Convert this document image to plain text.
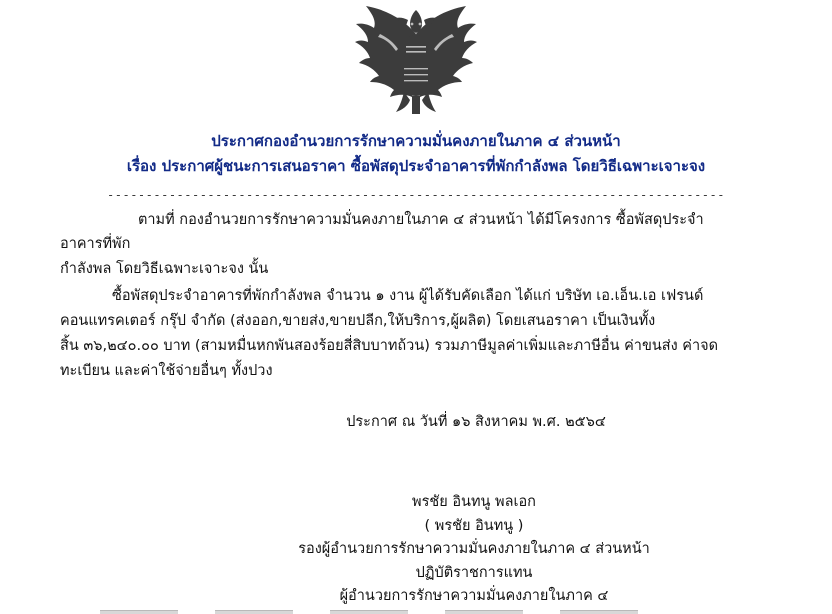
ประกาศกองอำนวยการรักษาความมั่นคงภายในภาค ๔ ส่วนหน้า
เรื่อง ประกาศผู้ชนะการเสนอราคา ซื้อพัสดุประจำอาคารที่พักกำลังพล โดยวิธีเฉพาะเจาะจง
--------------------------------------------------------------------------------

ตามที่ กองอำนวยการรักษาความมั่นคงภายในภาค ๔ ส่วนหน้า ได้มีโครงการ ซื้อพัสดุประจำอาคารที่พัก
กำลังพล โดยวิธีเฉพาะเจาะจง นั้น

ซื้อพัสดุประจำอาคารที่พักกำลังพล จำนวน ๑ งาน ผู้ได้รับคัดเลือก ได้แก่ บริษัท เอ.เอ็น.เอ เฟรนด์
คอนแทรคเตอร์ กรุ๊ป จำกัด (ส่งออก,ขายส่ง,ขายปลีก,ให้บริการ,ผู้ผลิต) โดยเสนอราคา เป็นเงินทั้ง
สิ้น ๓๖,๒๔๐.๐๐ บาท (สามหมื่นหกพันสองร้อยสี่สิบบาทถ้วน) รวมภาษีมูลค่าเพิ่มและภาษีอื่น ค่าขนส่ง ค่าจด
ทะเบียน และค่าใช้จ่ายอื่นๆ ทั้งปวง

ประกาศ ณ วันที่ ๑๖ สิงหาคม พ.ศ. ๒๕๖๔
พรชัย อินทนู พลเอก
( พรชัย อินทนู )
รองผู้อำนวยการรักษาความมั่นคงภายในภาค ๔ ส่วนหน้า
ปฏิบัติราชการแทน
ผู้อำนวยการรักษาความมั่นคงภายในภาค ๔
